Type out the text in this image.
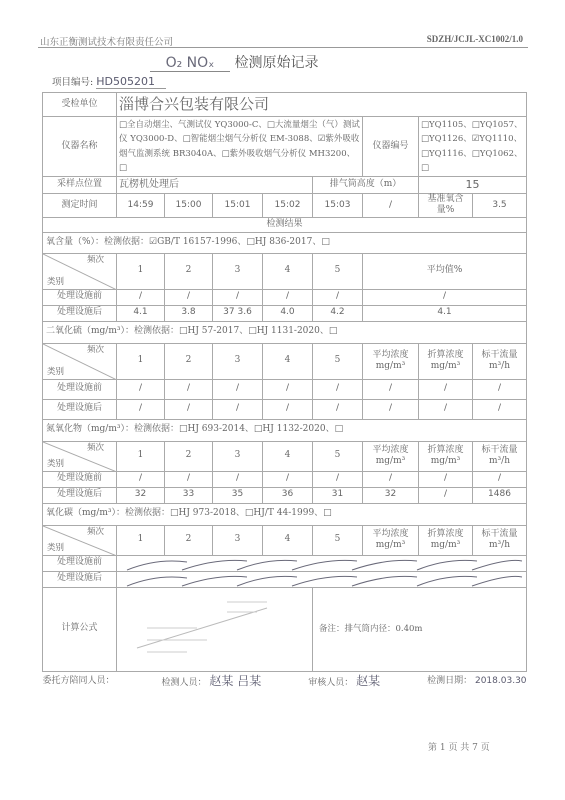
山东正衡测试技术有限责任公司	SDZH/JCJL-XC1002/1.0
O₂ NOₓ 检测原始记录
项目编号: HD505201
受检单位	淄博合兴包装有限公司							
仪器名称	□全自动烟尘、气测试仪 YQ3000-C、□大流量烟尘（气）测试仪 YQ3000-D、□智能烟尘烟气分析仪 EM-3088、☑紫外吸收烟气监测系统 BR3040A、□紫外吸收烟气分析仪 MH3200、□					仪器编号	□YQ1105、□YQ1057、□YQ1126、☑YQ1110、□YQ1116、□YQ1062、□	
采样点位置	瓦楞机处理后				排气筒高度（m）		15	
测定时间	14:59	15:00	15:01	15:02	15:03	/	基准氧含量%	3.5
检测结果								
氧含量（%）：检测依据：☑GB/T 16157-1996、□HJ 836-2017、□								

频次
类别	1	2	3	4	5	平均值%		
处理设施前	/	/	/	/	/	/		
处理设施后	4.1	3.8	37 3.6	4.0	4.2	4.1		
二氧化硫（mg/m³）：检测依据：□HJ 57-2017、□HJ 1131-2020、□								

频次
类别	1	2	3	4	5	平均浓度 mg/m³	折算浓度 mg/m³	标干流量 m³/h
处理设施前	/	/	/	/	/	/	/	/
处理设施后	/	/	/	/	/	/	/	/
氮氧化物（mg/m³）：检测依据：□HJ 693-2014、□HJ 1132-2020、□								

频次
类别	1	2	3	4	5	平均浓度 mg/m³	折算浓度 mg/m³	标干流量 m³/h
处理设施前	/	/	/	/	/	/	/	/
处理设施后	32	33	35	36	31	32	/	1486
氧化碳（mg/m³）：检测依据：□HJ 973-2018、□HJ/T 44-1999、□								

频次
类别	1	2	3	4	5	平均浓度 mg/m³	折算浓度 mg/m³	标干流量 m³/h
处理设施前	

处理设施后	

计算公式					备注：排气筒内径：0.40m			

委托方陪同人员： 检测人员： 赵某 吕某 审核人员： 赵某 检测日期： 2018.03.30								
第 1 页 共 7 页
